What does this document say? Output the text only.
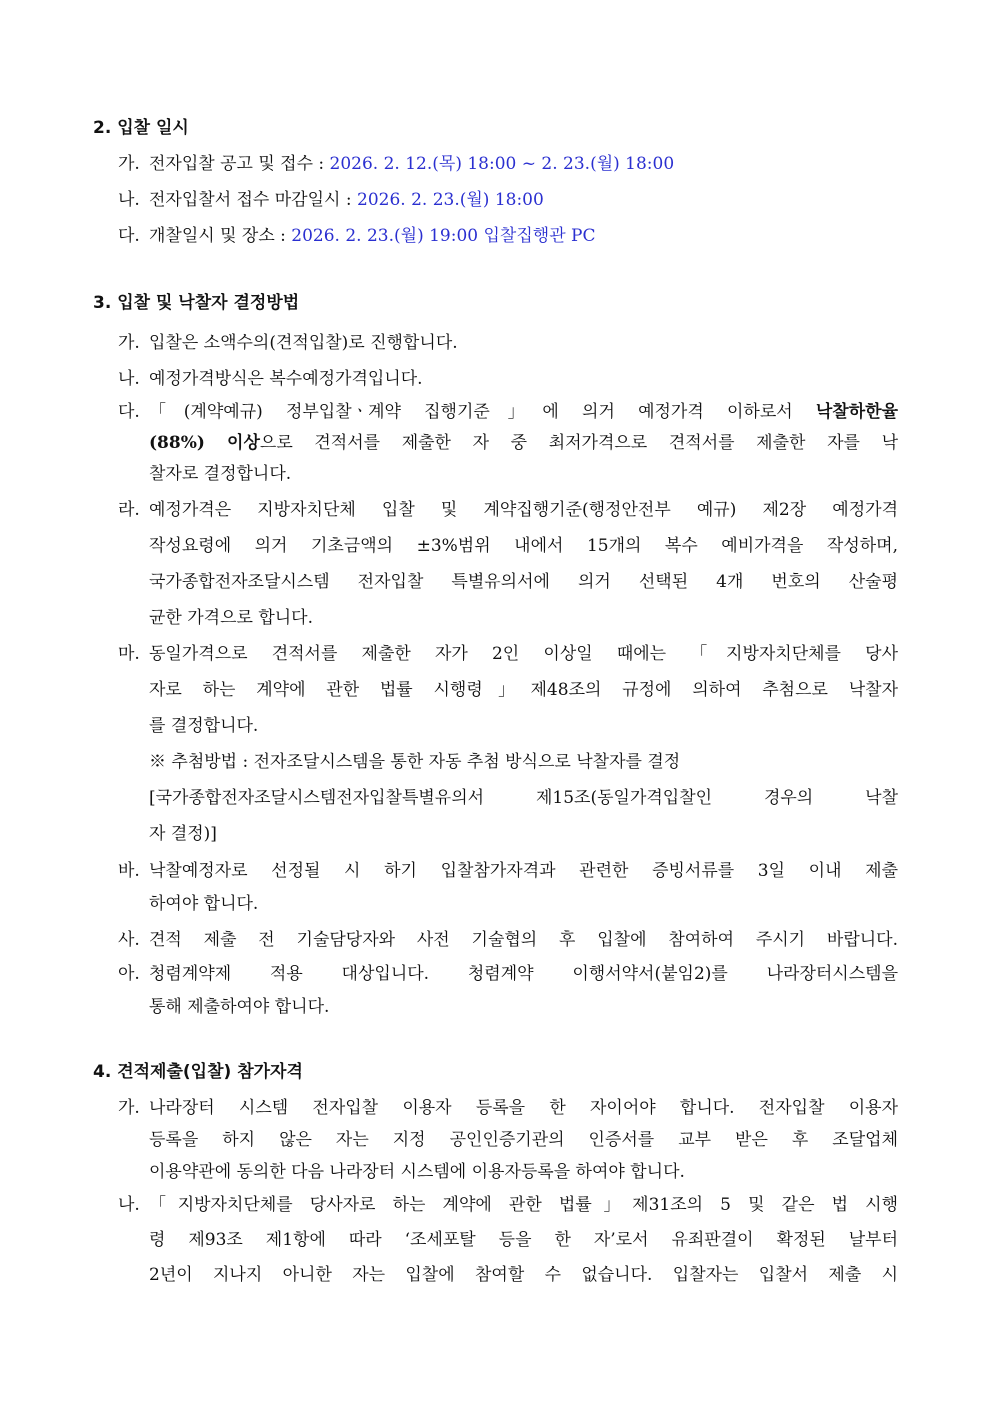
2. 입찰 일시
가. 전자입찰 공고 및 접수 : 2026. 2. 12.(목) 18:00 ~ 2. 23.(월) 18:00
나. 전자입찰서 접수 마감일시 : 2026. 2. 23.(월) 18:00
다. 개찰일시 및 장소 : 2026. 2. 23.(월) 19:00 입찰집행관 PC
3. 입찰 및 낙찰자 결정방법
가. 입찰은 소액수의(견적입찰)로 진행합니다.
나. 예정가격방식은 복수예정가격입니다.
다. 「(계약예규) 정부입찰ㆍ계약 집행기준」에 의거 예정가격 이하로서 낙찰하한율
(88%) 이상으로 견적서를 제출한 자 중 최저가격으로 견적서를 제출한 자를 낙
찰자로 결정합니다.
라. 예정가격은 지방자치단체 입찰 및 계약집행기준(행정안전부 예규) 제2장 예정가격
작성요령에 의거 기초금액의 ±3%범위 내에서 15개의 복수 예비가격을 작성하며,
국가종합전자조달시스템 전자입찰 특별유의서에 의거 선택된 4개 번호의 산술평
균한 가격으로 합니다.
마. 동일가격으로 견적서를 제출한 자가 2인 이상일 때에는 「지방자치단체를 당사
자로 하는 계약에 관한 법률 시행령」제48조의 규정에 의하여 추첨으로 낙찰자
를 결정합니다.
※ 추첨방법 : 전자조달시스템을 통한 자동 추첨 방식으로 낙찰자를 결정
[국가종합전자조달시스템전자입찰특별유의서 제15조(동일가격입찰인 경우의 낙찰
자 결정)]
바. 낙찰예정자로 선정될 시 하기 입찰참가자격과 관련한 증빙서류를 3일 이내 제출
하여야 합니다.
사. 견적 제출 전 기술담당자와 사전 기술협의 후 입찰에 참여하여 주시기 바랍니다.
아. 청렴계약제 적용 대상입니다. 청렴계약 이행서약서(붙임2)를 나라장터시스템을
통해 제출하여야 합니다.
4. 견적제출(입찰) 참가자격
가. 나라장터 시스템 전자입찰 이용자 등록을 한 자이어야 합니다. 전자입찰 이용자
등록을 하지 않은 자는 지정 공인인증기관의 인증서를 교부 받은 후 조달업체
이용약관에 동의한 다음 나라장터 시스템에 이용자등록을 하여야 합니다.
나. 「지방자치단체를 당사자로 하는 계약에 관한 법률」제31조의 5 및 같은 법 시행
령 제93조 제1항에 따라 ‘조세포탈 등을 한 자’로서 유죄판결이 확정된 날부터
2년이 지나지 아니한 자는 입찰에 참여할 수 없습니다. 입찰자는 입찰서 제출 시
